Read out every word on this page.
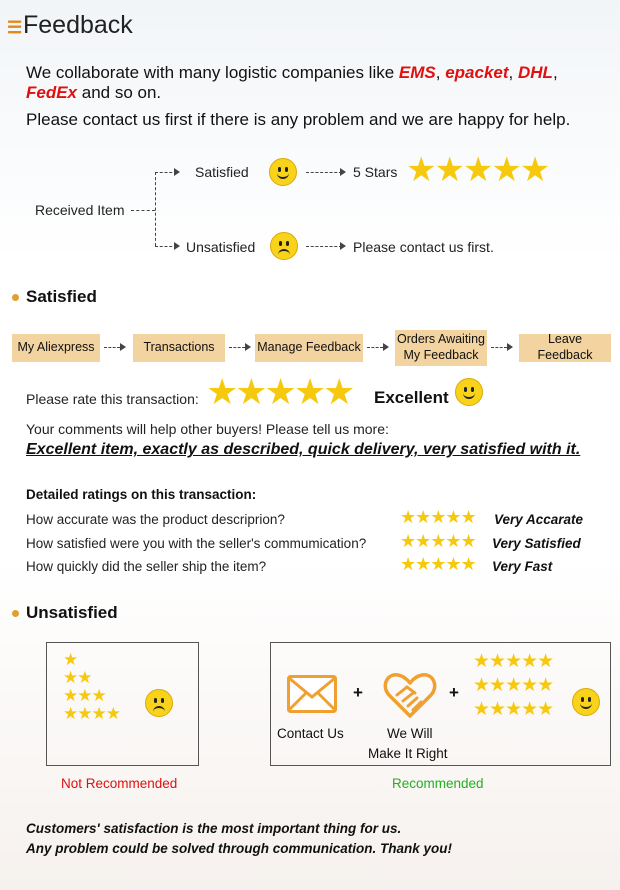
☰ Feedback
We collaborate with many logistic companies like EMS, epacket, DHL,
FedEx and so on.
Please contact us first if there is any problem and we are happy for help.
Received Item
Satisfied	5 Stars ★★★★★
Unsatisfied	Please contact us first.
Satisfied
My Aliexpress	Transactions	Manage Feedback
Orders Awaiting My Feedback
Leave Feedback
Please rate this transaction: ★★★★★ Excellent
Your comments will help other buyers! Please tell us more:
Excellent item, exactly as described, quick delivery, very satisfied with it.
Detailed ratings on this transaction:
How accurate was the product descriprion?	★★★★★ Very Accarate
How satisfied were you with the seller's commumication? ★★★★★ Very Satisfied
How quickly did the seller ship the item?	★★★★★ Very Fast
Unsatisfied
★
★★
★★★
★★★★
Not Recommended
Contact Us
+
We Will
Make It Right
+
★★★★★
★★★★★
★★★★★
Recommended
Customers' satisfaction is the most important thing for us.
Any problem could be solved through communication. Thank you!
